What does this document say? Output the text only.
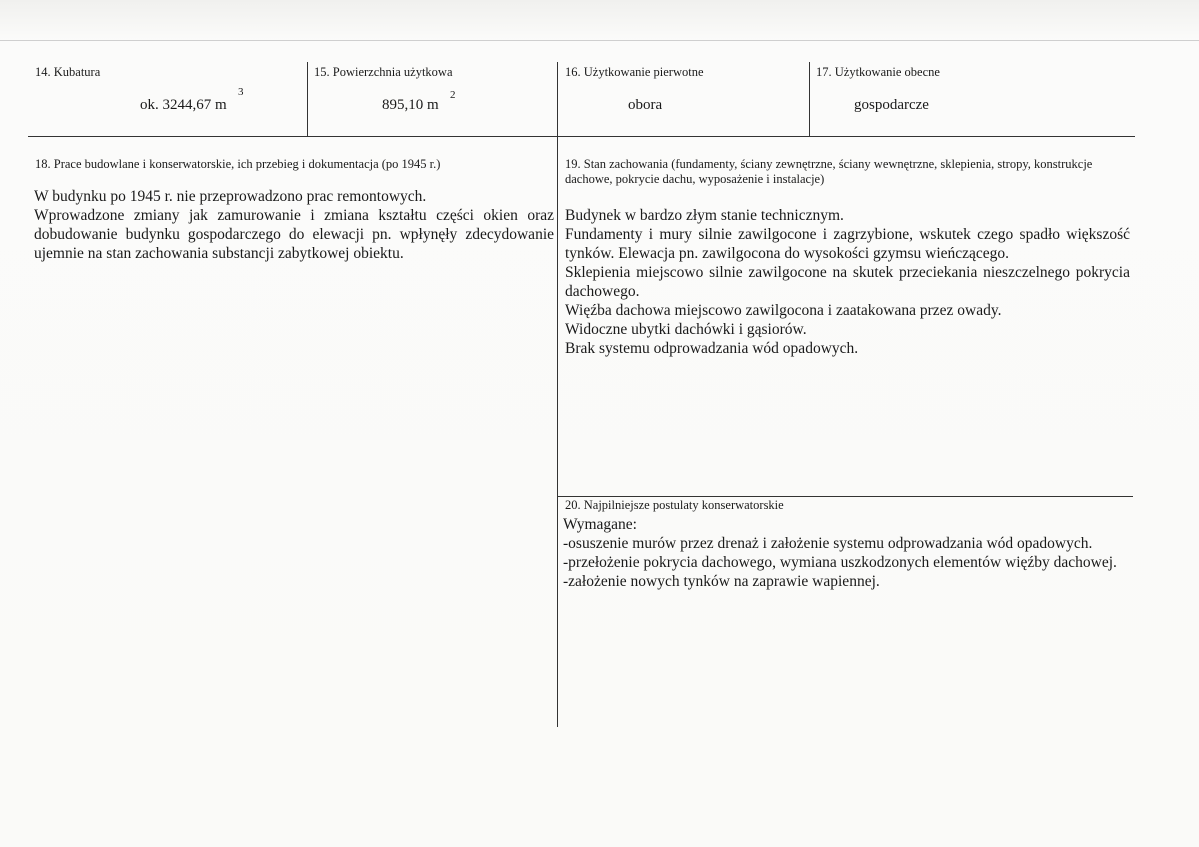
14. Kubatura
ok. 3244,67 m
3
15. Powierzchnia użytkowa
895,10 m
2
16. Użytkowanie pierwotne
obora
17. Użytkowanie obecne
gospodarcze
18. Prace budowlane i konserwatorskie, ich przebieg i dokumentacja (po 1945 r.)

W budynku po 1945 r. nie przeprowadzono prac remontowych.

Wprowadzone zmiany jak zamurowanie i zmiana kształtu części okien oraz dobudowanie budynku gospodarczego do elewacji pn. wpłynęły zdecydowanie ujemnie na stan zachowania substancji zabytkowej obiektu.

19. Stan zachowania (fundamenty, ściany zewnętrzne, ściany wewnętrzne, sklepienia, stropy, konstrukcje dachowe, pokrycie dachu, wyposażenie i instalacje)

Budynek w bardzo złym stanie technicznym.

Fundamenty i mury silnie zawilgocone i zagrzybione, wskutek czego spadło większość tynków. Elewacja pn. zawilgocona do wysokości gzymsu wieńczącego.

Sklepienia miejscowo silnie zawilgocone na skutek przeciekania nieszczelnego pokrycia dachowego.

Więźba dachowa miejscowo zawilgocona i zaatakowana przez owady.

Widoczne ubytki dachówki i gąsiorów.

Brak systemu odprowadzania wód opadowych.

20. Najpilniejsze postulaty konserwatorskie

Wymagane:

-osuszenie murów przez drenaż i założenie systemu odprowadzania wód opadowych.

-przełożenie pokrycia dachowego, wymiana uszkodzonych elementów więźby dachowej.

-założenie nowych tynków na zaprawie wapiennej.
